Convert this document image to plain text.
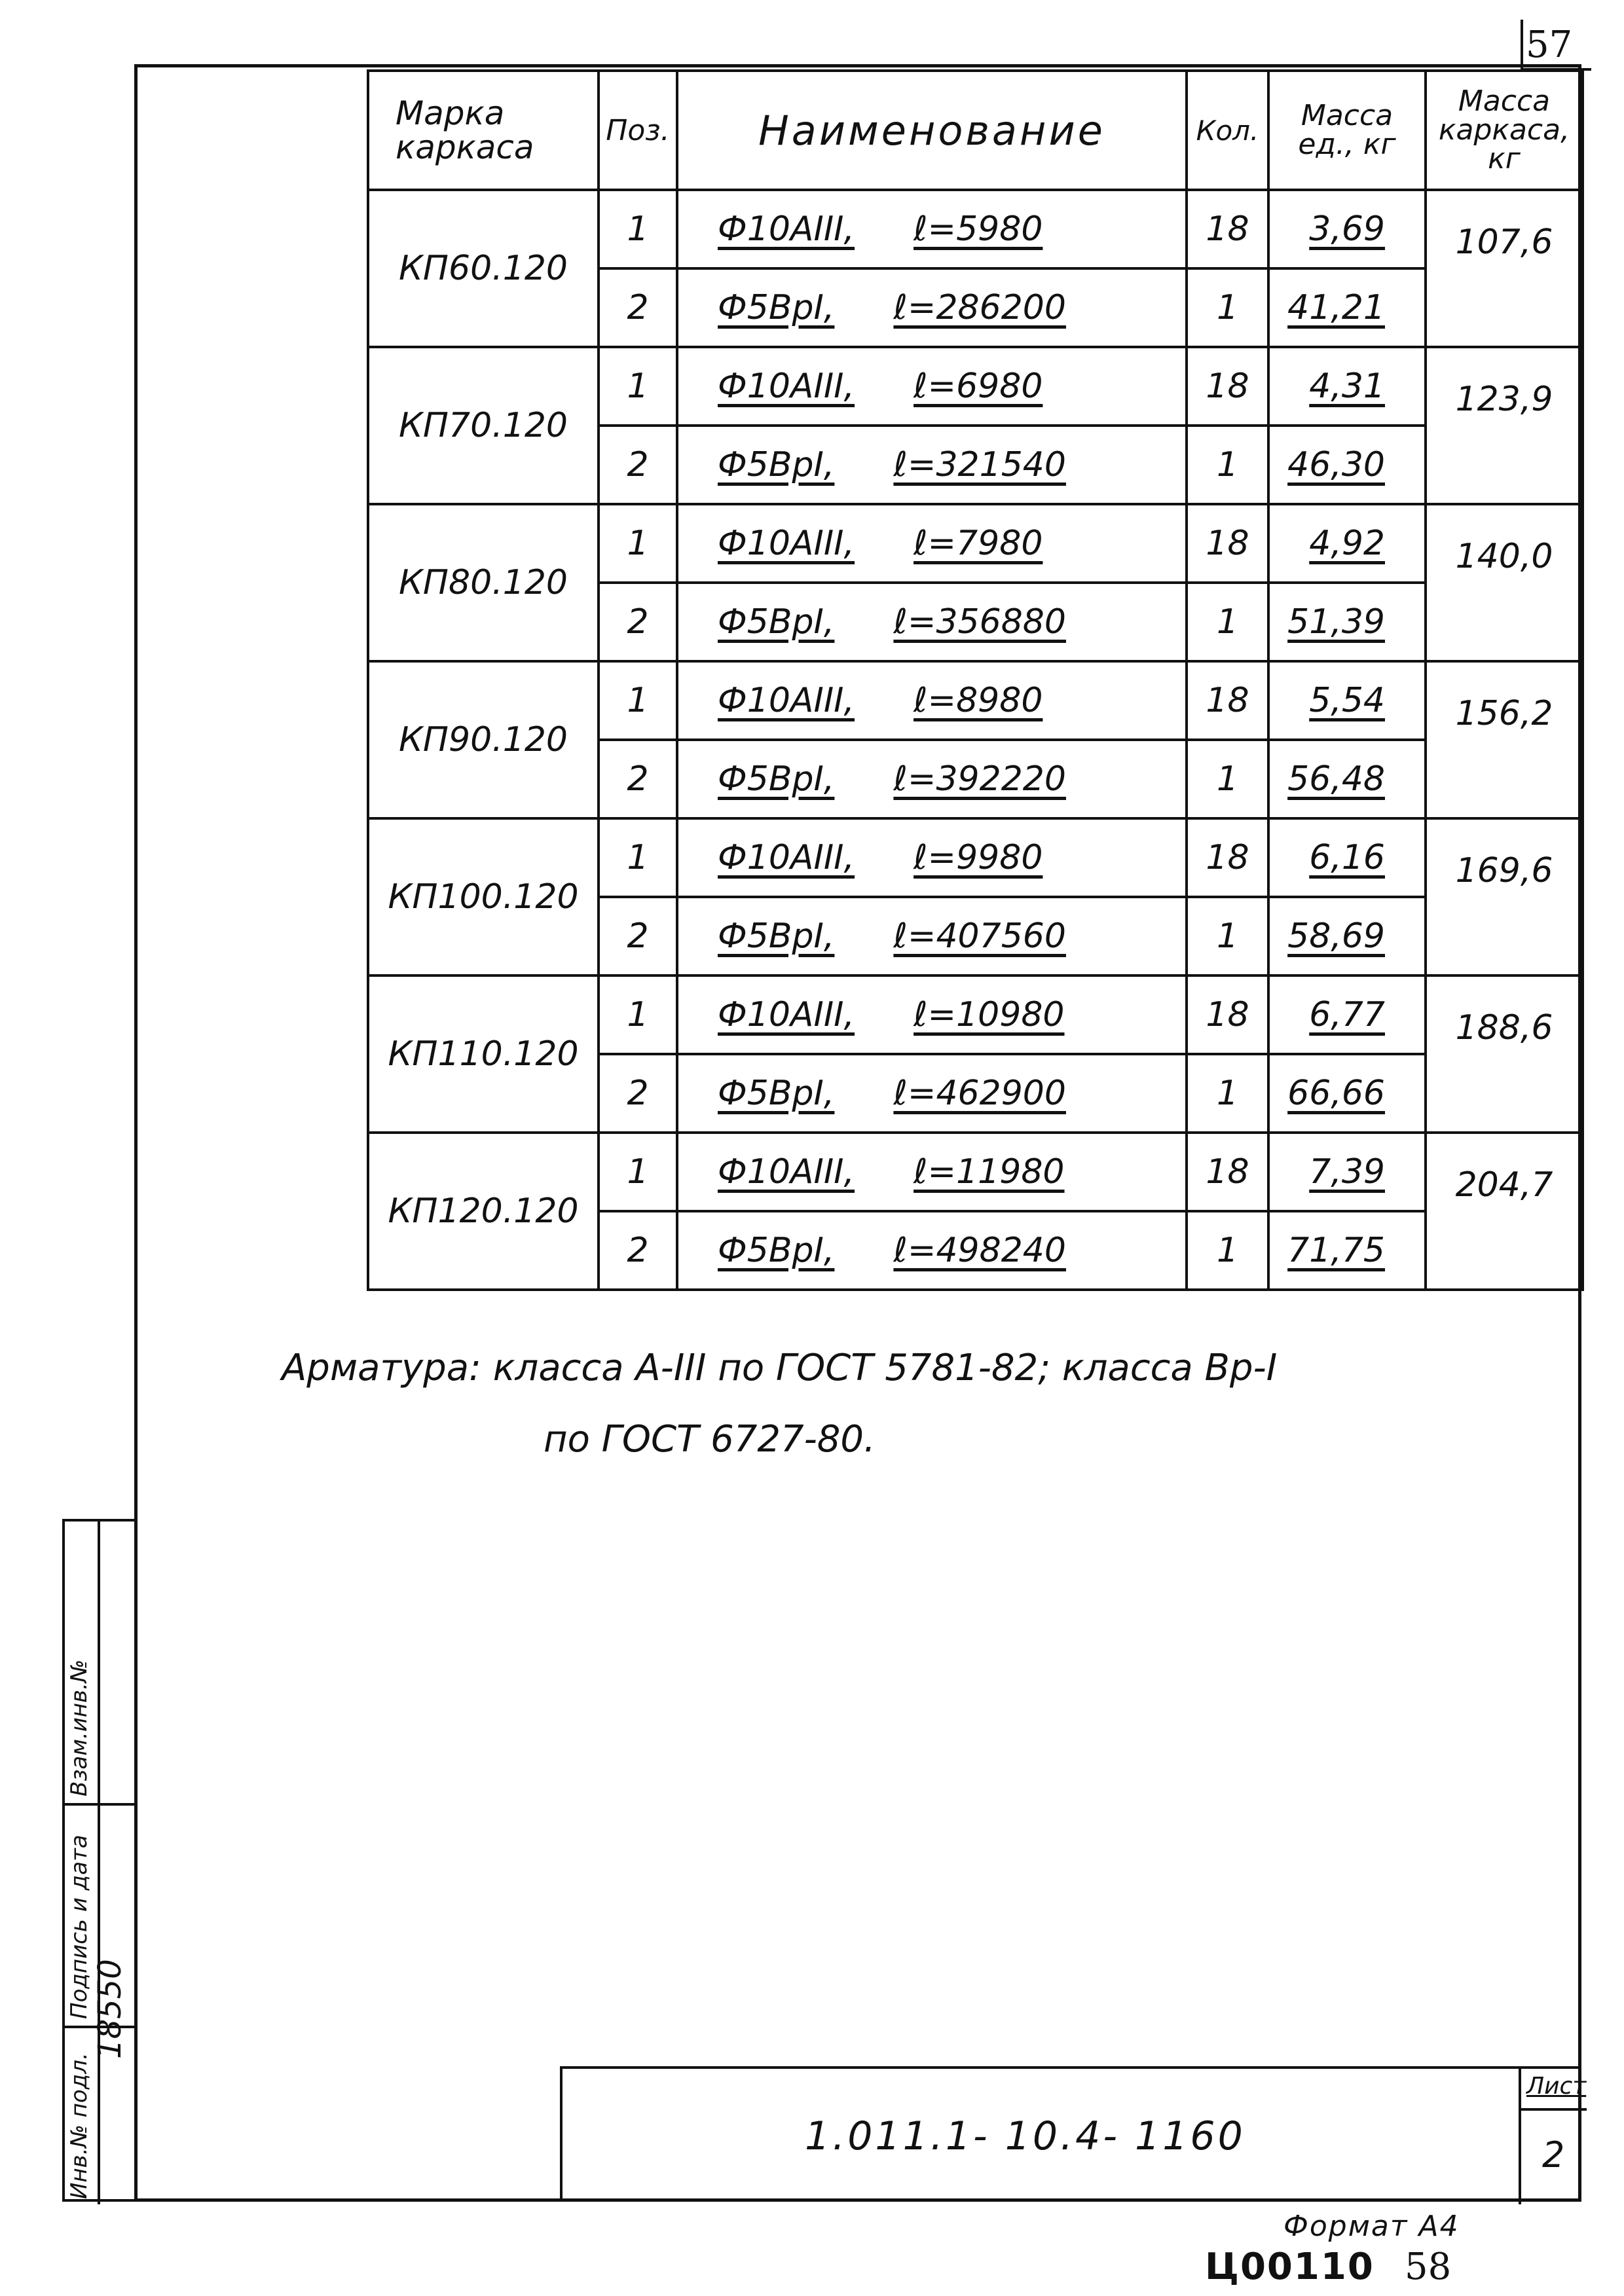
57
Марка каркаса	Поз.	Наименование	Кол.	Масса ед., кг	Масса каркаса, кг
КП60.120	1	Ф10АIII, ℓ=5980	18	3,69	107,6
	2	Ф5ВрI, ℓ=286200	1	41,21	
КП70.120	1	Ф10АIII, ℓ=6980	18	4,31	123,9
	2	Ф5ВрI, ℓ=321540	1	46,30	
КП80.120	1	Ф10АIII, ℓ=7980	18	4,92	140,0
	2	Ф5ВрI, ℓ=356880	1	51,39	
КП90.120	1	Ф10АIII, ℓ=8980	18	5,54	156,2
	2	Ф5ВрI, ℓ=392220	1	56,48	
КП100.120	1	Ф10АIII, ℓ=9980	18	6,16	169,6
	2	Ф5ВрI, ℓ=407560	1	58,69	
КП110.120	1	Ф10АIII, ℓ=10980	18	6,77	188,6
	2	Ф5ВрI, ℓ=462900	1	66,66	
КП120.120	1	Ф10АIII, ℓ=11980	18	7,39	204,7
	2	Ф5ВрI, ℓ=498240	1	71,75	
Арматура: класса А-III по ГОСТ 5781-82; класса Вр-I
по ГОСТ 6727-80.
Взам.инв.№
Подпись и дата
Инв.№ подл.
18550
1.011.1- 10.4- 1160
Лист
2
Формат А4
Ц00110 58
